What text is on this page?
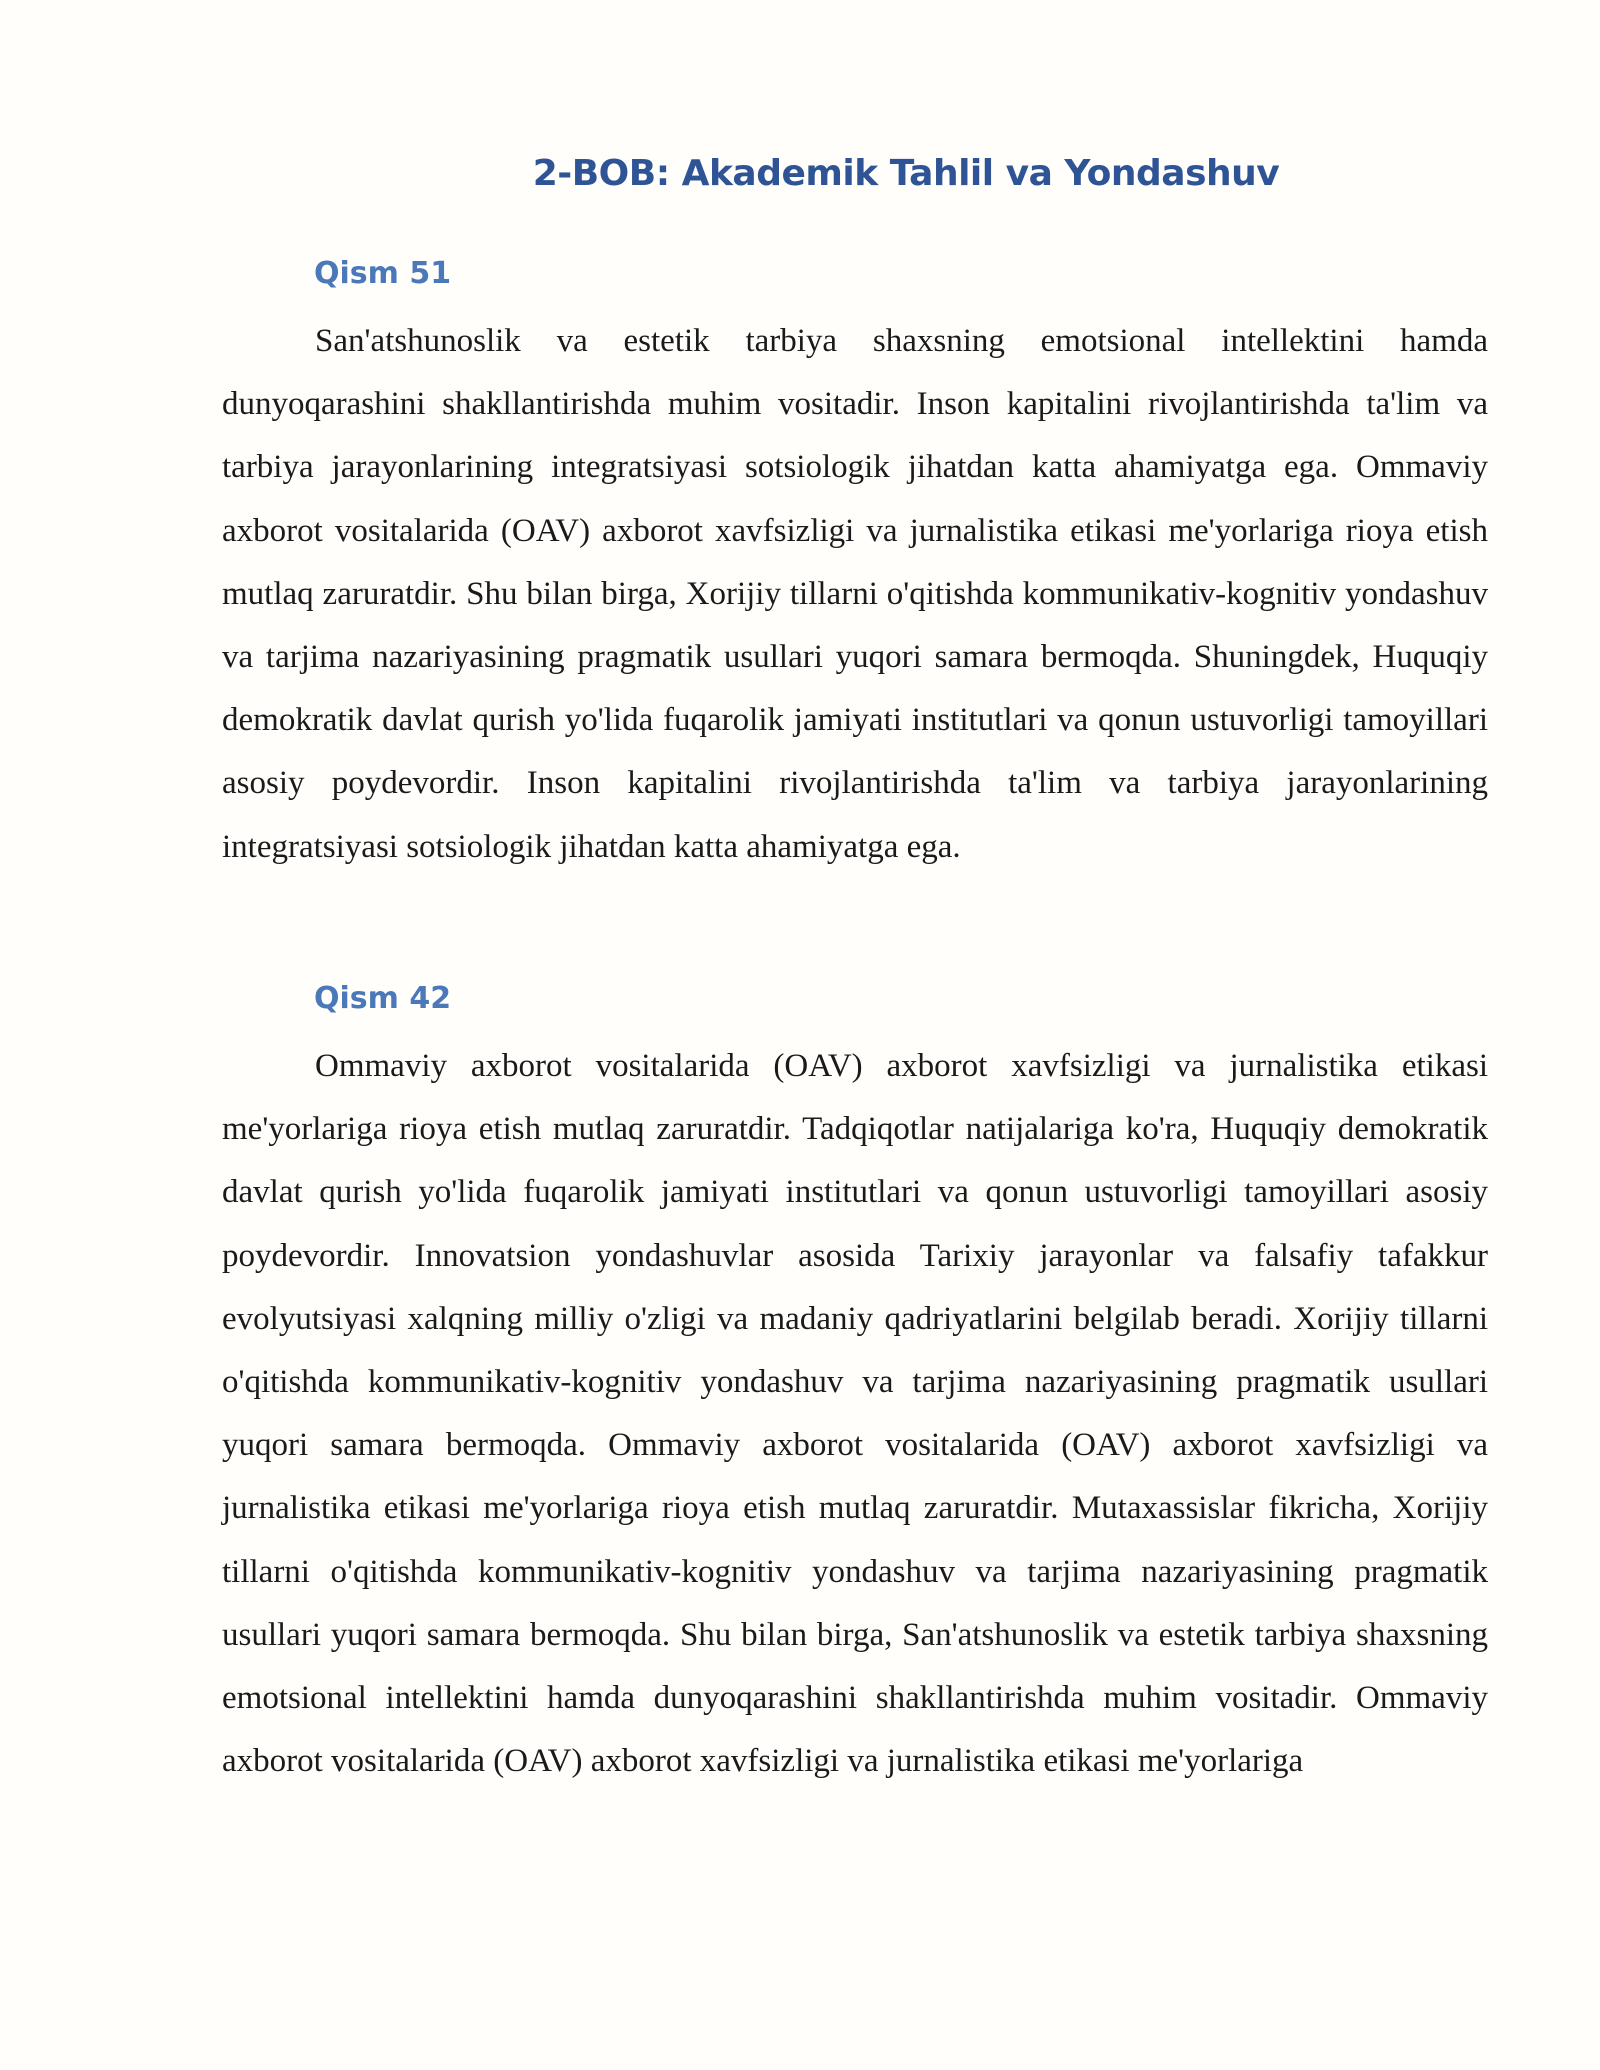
2-BOB: Akademik Tahlil va Yondashuv
Qism 51

San'atshunoslik va estetik tarbiya shaxsning emotsional intellektini hamda dunyoqarashini shakllantirishda muhim vositadir. Inson kapitalini rivojlantirishda ta'lim va tarbiya jarayonlarining integratsiyasi sotsiologik jihatdan katta ahamiyatga ega. Ommaviy axborot vositalarida (OAV) axborot xavfsizligi va jurnalistika etikasi me'yorlariga rioya etish mutlaq zaruratdir. Shu bilan birga, Xorijiy tillarni o'qitishda kommunikativ-kognitiv yondashuv va tarjima nazariyasining pragmatik usullari yuqori samara bermoqda. Shuningdek, Huquqiy demokratik davlat qurish yo'lida fuqarolik jamiyati institutlari va qonun ustuvorligi tamoyillari asosiy poydevordir. Inson kapitalini rivojlantirishda ta'lim va tarbiya jarayonlarining integratsiyasi sotsiologik jihatdan katta ahamiyatga ega.

Qism 42

Ommaviy axborot vositalarida (OAV) axborot xavfsizligi va jurnalistika etikasi me'yorlariga rioya etish mutlaq zaruratdir. Tadqiqotlar natijalariga ko'ra, Huquqiy demokratik davlat qurish yo'lida fuqarolik jamiyati institutlari va qonun ustuvorligi tamoyillari asosiy poydevordir. Innovatsion yondashuvlar asosida Tarixiy jarayonlar va falsafiy tafakkur evolyutsiyasi xalqning milliy o'zligi va madaniy qadriyatlarini belgilab beradi. Xorijiy tillarni o'qitishda kommunikativ-kognitiv yondashuv va tarjima nazariyasining pragmatik usullari yuqori samara bermoqda. Ommaviy axborot vositalarida (OAV) axborot xavfsizligi va jurnalistika etikasi me'yorlariga rioya etish mutlaq zaruratdir. Mutaxassislar fikricha, Xorijiy tillarni o'qitishda kommunikativ-kognitiv yondashuv va tarjima nazariyasining pragmatik usullari yuqori samara bermoqda. Shu bilan birga, San'atshunoslik va estetik tarbiya shaxsning emotsional intellektini hamda dunyoqarashini shakllantirishda muhim vositadir. Ommaviy axborot vositalarida (OAV) axborot xavfsizligi va jurnalistika etikasi me'yorlariga
